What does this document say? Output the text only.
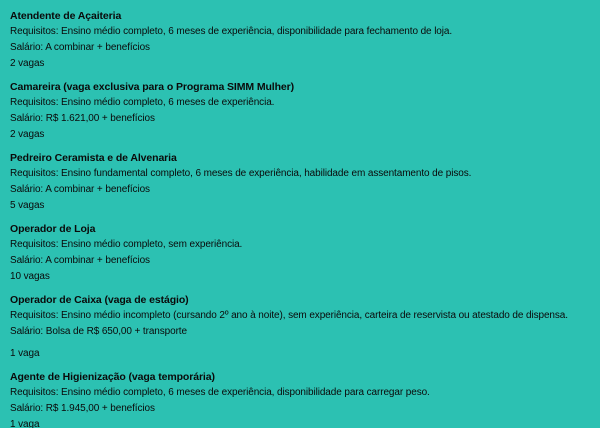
Atendente de Açaiteria

Requisitos: Ensino médio completo, 6 meses de experiência, disponibilidade para fechamento de loja.

Salário: A combinar + benefícios

2 vagas

Camareira (vaga exclusiva para o Programa SIMM Mulher)

Requisitos: Ensino médio completo, 6 meses de experiência.

Salário: R$ 1.621,00 + benefícios

2 vagas

Pedreiro Ceramista e de Alvenaria

Requisitos: Ensino fundamental completo, 6 meses de experiência, habilidade em assentamento de pisos.

Salário: A combinar + benefícios

5 vagas

Operador de Loja

Requisitos: Ensino médio completo, sem experiência.

Salário: A combinar + benefícios

10 vagas

Operador de Caixa (vaga de estágio)

Requisitos: Ensino médio incompleto (cursando 2º ano à noite), sem experiência, carteira de reservista ou atestado de dispensa.

Salário: Bolsa de R$ 650,00 + transporte

1 vaga

Agente de Higienização (vaga temporária)

Requisitos: Ensino médio completo, 6 meses de experiência, disponibilidade para carregar peso.

Salário: R$ 1.945,00 + benefícios

1 vaga
